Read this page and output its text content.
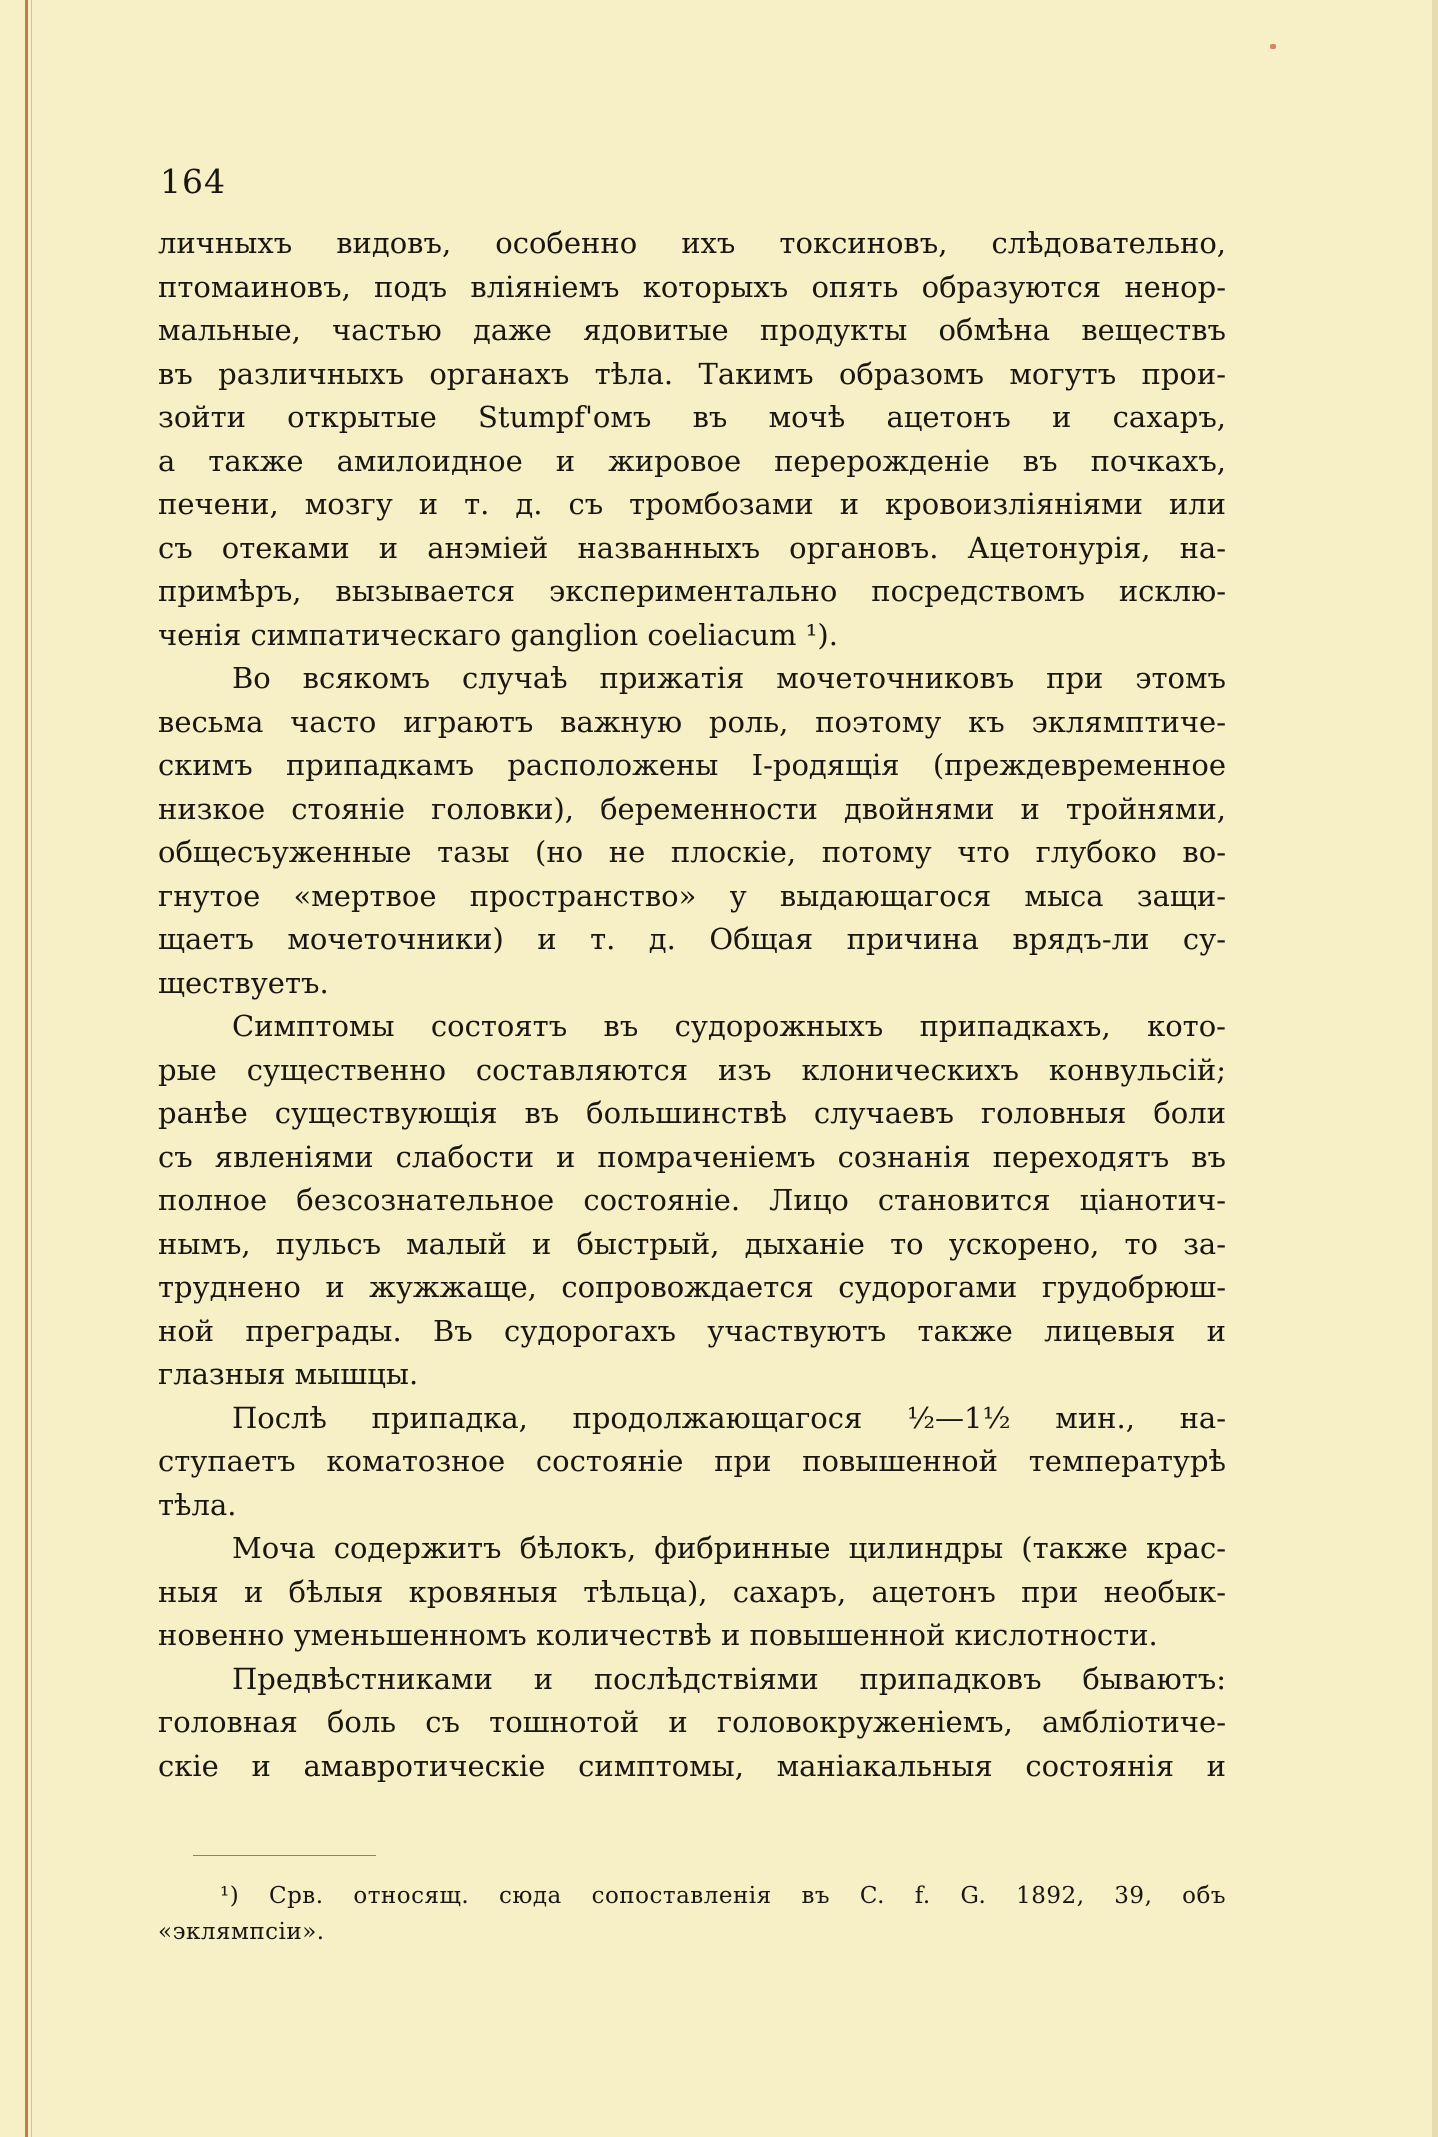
164
личныхъ видовъ, особенно ихъ токсиновъ, слѣдовательно,
птомаиновъ, подъ вліяніемъ которыхъ опять образуются ненор-
мальные, частью даже ядовитые продукты обмѣна веществъ
въ различныхъ органахъ тѣла. Такимъ образомъ могутъ прои-
зойти открытые Stumpf'омъ въ мочѣ ацетонъ и сахаръ,
а также амилоидное и жировое перерожденіе въ почкахъ,
печени, мозгу и т. д. съ тромбозами и кровоизліяніями или
съ отеками и анэміей названныхъ органовъ. Ацетонурія, на-
примѣръ, вызывается экспериментально посредствомъ исклю-
ченія симпатическаго ganglion coeliacum ¹).
Во всякомъ случаѣ прижатія мочеточниковъ при этомъ
весьма часто играютъ важную роль, поэтому къ эклямптиче-
скимъ припадкамъ расположены I-родящія (преждевременное
низкое стояніе головки), беременности двойнями и тройнями,
общесъуженные тазы (но не плоскіе, потому что глубоко во-
гнутое «мертвое пространство» у выдающагося мыса защи-
щаетъ мочеточники) и т. д. Общая причина врядъ-ли су-
ществуетъ.
Симптомы состоятъ въ судорожныхъ припадкахъ, кото-
рые существенно составляются изъ клоническихъ конвульсій;
ранѣе существующія въ большинствѣ случаевъ головныя боли
съ явленіями слабости и помраченіемъ сознанія переходятъ въ
полное безсознательное состояніе. Лицо становится ціанотич-
нымъ, пульсъ малый и быстрый, дыханіе то ускорено, то за-
труднено и жужжаще, сопровождается судорогами грудобрюш-
ной преграды. Въ судорогахъ участвуютъ также лицевыя и
глазныя мышцы.
Послѣ припадка, продолжающагося ½—1½ мин., на-
ступаетъ коматозное состояніе при повышенной температурѣ
тѣла.
Моча содержитъ бѣлокъ, фибринные цилиндры (также крас-
ныя и бѣлыя кровяныя тѣльца), сахаръ, ацетонъ при необык-
новенно уменьшенномъ количествѣ и повышенной кислотности.
Предвѣстниками и послѣдствіями припадковъ бываютъ:
головная боль съ тошнотой и головокруженіемъ, амбліотиче-
скіе и амавротическіе симптомы, маніакальныя состоянія и
¹) Срв. относящ. сюда сопоставленія въ C. f. G. 1892, 39, объ
«эклямпсіи».
